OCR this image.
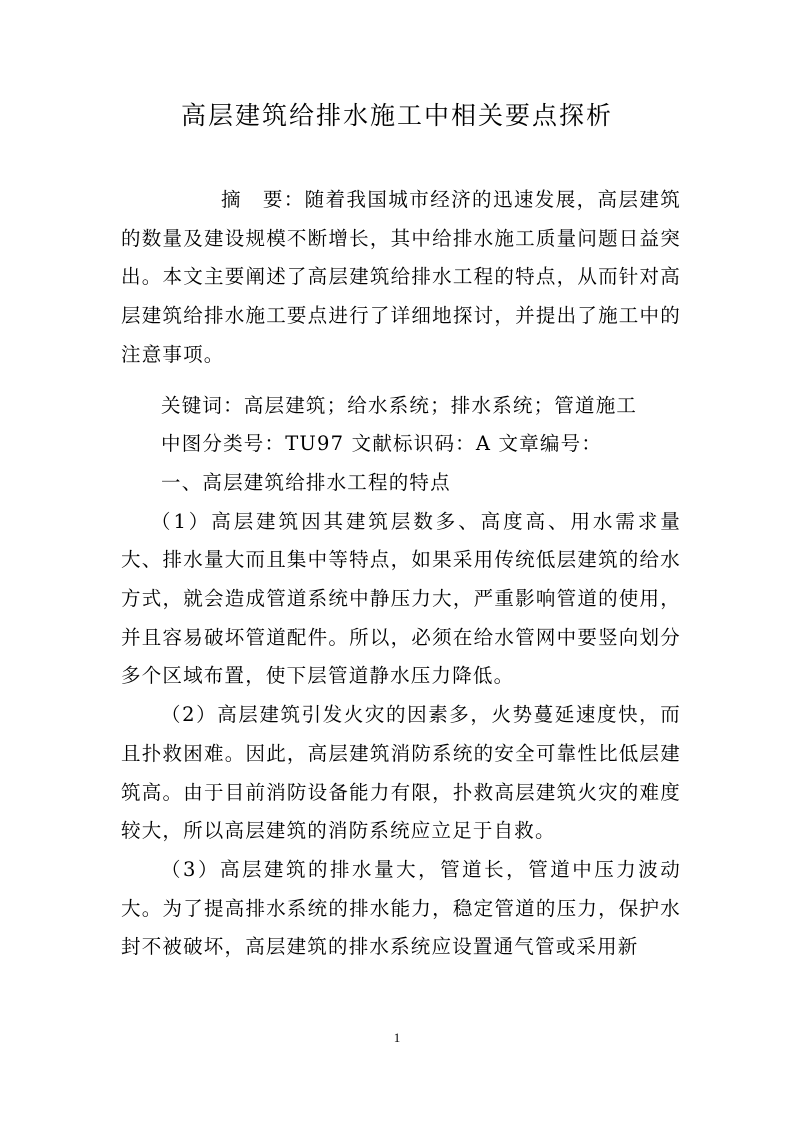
高层建筑给排水施工中相关要点探析

摘　要：随着我国城市经济的迅速发展，高层建筑的数量及建设规模不断增长，其中给排水施工质量问题日益突出。本文主要阐述了高层建筑给排水工程的特点，从而针对高层建筑给排水施工要点进行了详细地探讨，并提出了施工中的注意事项。

关键词：高层建筑；给水系统；排水系统；管道施工

中图分类号：TU97 文献标识码：A 文章编号：

一、高层建筑给排水工程的特点

（1）高层建筑因其建筑层数多、高度高、用水需求量大、排水量大而且集中等特点，如果采用传统低层建筑的给水方式，就会造成管道系统中静压力大，严重影响管道的使用，并且容易破坏管道配件。所以，必须在给水管网中要竖向划分多个区域布置，使下层管道静水压力降低。

（2）高层建筑引发火灾的因素多，火势蔓延速度快，而且扑救困难。因此，高层建筑消防系统的安全可靠性比低层建筑高。由于目前消防设备能力有限，扑救高层建筑火灾的难度较大，所以高层建筑的消防系统应立足于自救。

（3）高层建筑的排水量大，管道长，管道中压力波动大。为了提高排水系统的排水能力，稳定管道的压力，保护水封不被破坏，高层建筑的排水系统应设置通气管或采用新

1
